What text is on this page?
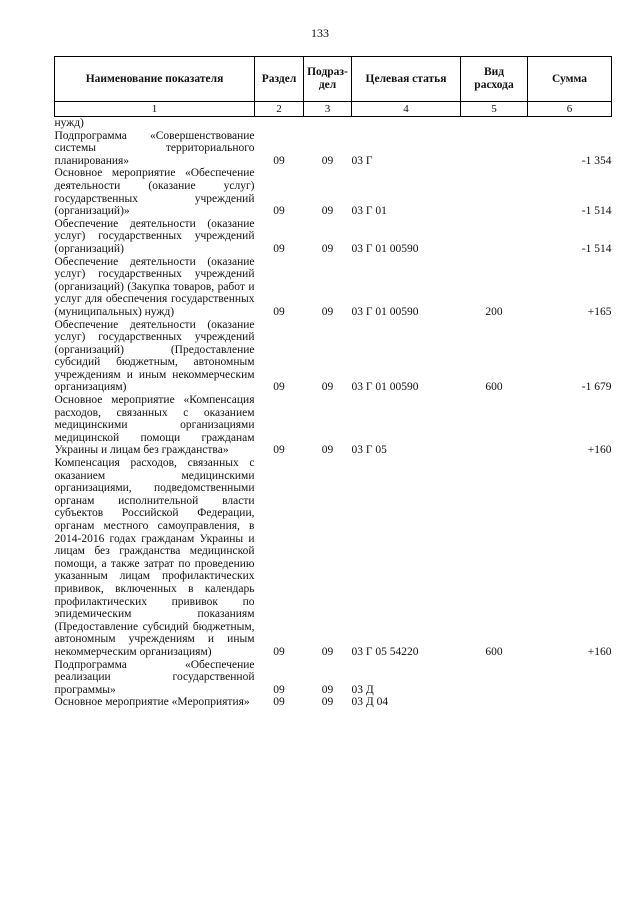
133
Наименование показателя	Раздел	Подраз-дел	Целевая статья	Вид расхода	Сумма
1	2	3	4	5	6
нужд)					
Подпрограмма «Совершенствование системы территориального планирования»	09	09	03 Г		-1 354
Основное мероприятие «Обеспечение деятельности (оказание услуг) государственных учреждений (организаций)»	09	09	03 Г 01		-1 514
Обеспечение деятельности (оказание услуг) государственных учреждений (организаций)	09	09	03 Г 01 00590		-1 514
Обеспечение деятельности (оказание услуг) государственных учреждений (организаций) (Закупка товаров, работ и услуг для обеспечения государственных (муниципальных) нужд)	09	09	03 Г 01 00590	200	+165
Обеспечение деятельности (оказание услуг) государственных учреждений (организаций) (Предоставление субсидий бюджетным, автономным учреждениям и иным некоммерческим организациям)	09	09	03 Г 01 00590	600	-1 679
Основное мероприятие «Компенсация расходов, связанных с оказанием медицинскими организациями медицинской помощи гражданам Украины и лицам без гражданства»	09	09	03 Г 05		+160
Компенсация расходов, связанных с оказанием медицинскими организациями, подведомственными органам исполнительной власти субъектов Российской Федерации, органам местного самоуправления, в 2014-2016 годах гражданам Украины и лицам без гражданства медицинской помощи, а также затрат по проведению указанным лицам профилактических прививок, включенных в календарь профилактических прививок по эпидемическим показаниям (Предоставление субсидий бюджетным, автономным учреждениям и иным некоммерческим организациям)	09	09	03 Г 05 54220	600	+160
Подпрограмма «Обеспечение реализации государственной программы»	09	09	03 Д		
Основное мероприятие «Мероприятия»	09	09	03 Д 04		
